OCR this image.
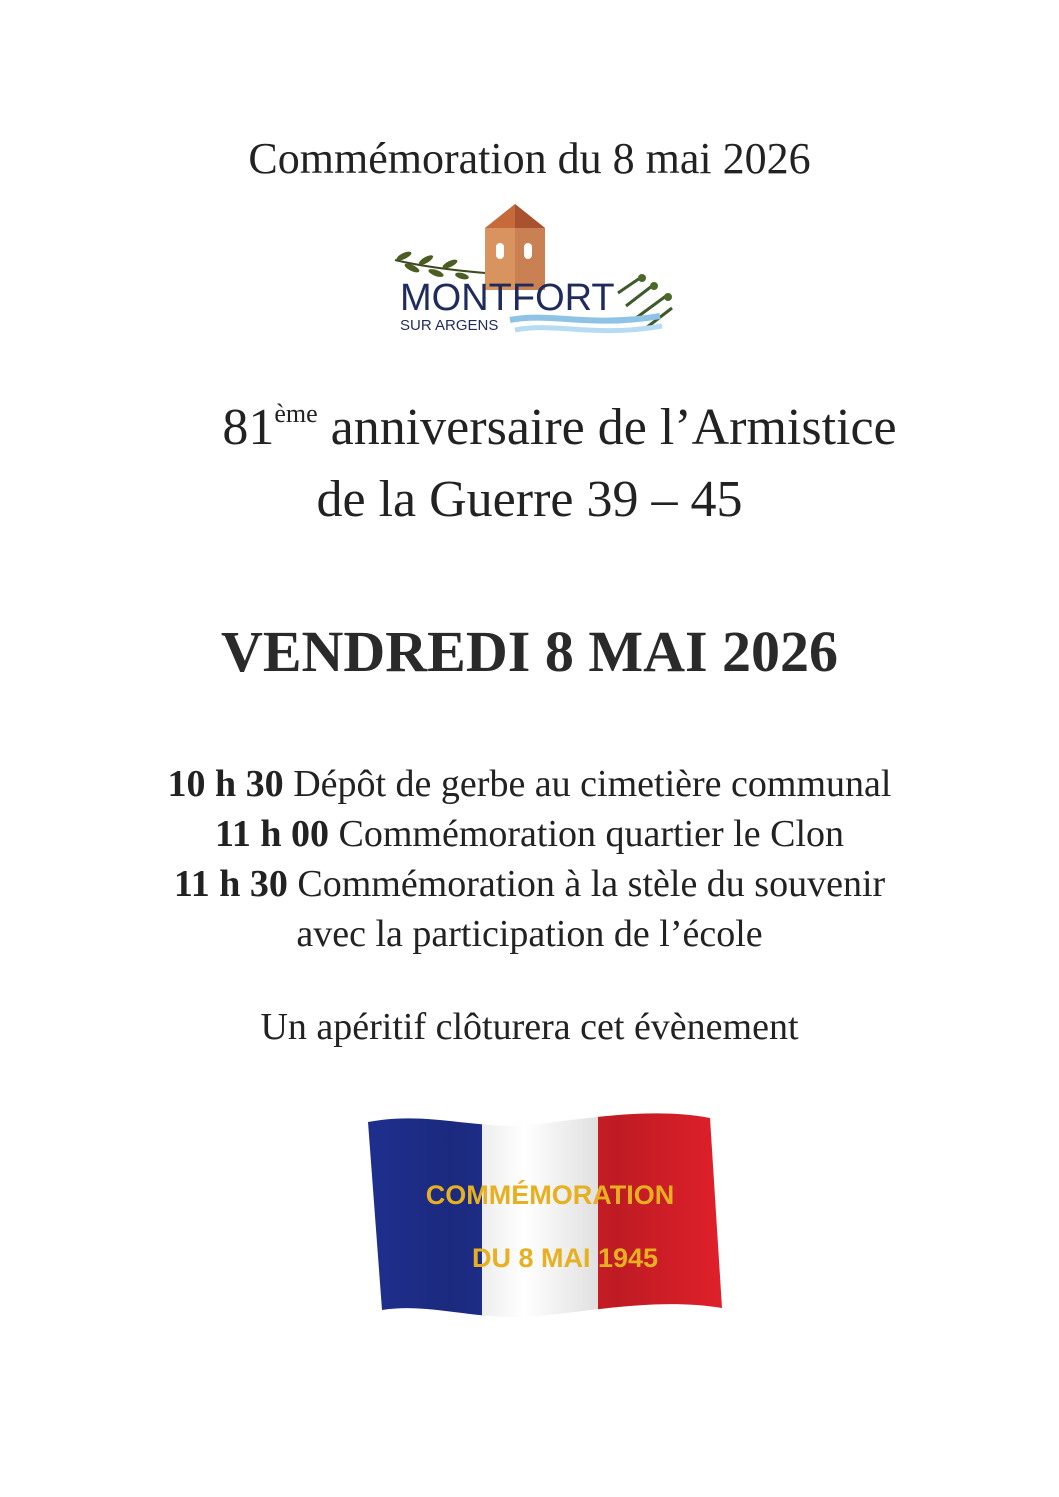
Commémoration du 8 mai 2026
MONTFORT
SUR ARGENS
81ème anniversaire de l’Armistice
de la Guerre 39 – 45
VENDREDI 8 MAI 2026
10 h 30 Dépôt de gerbe au cimetière communal
11 h 00 Commémoration quartier le Clon
11 h 30 Commémoration à la stèle du souvenir
avec la participation de l’école
Un apéritif clôturera cet évènement
COMMÉMORATION
DU 8 MAI 1945
